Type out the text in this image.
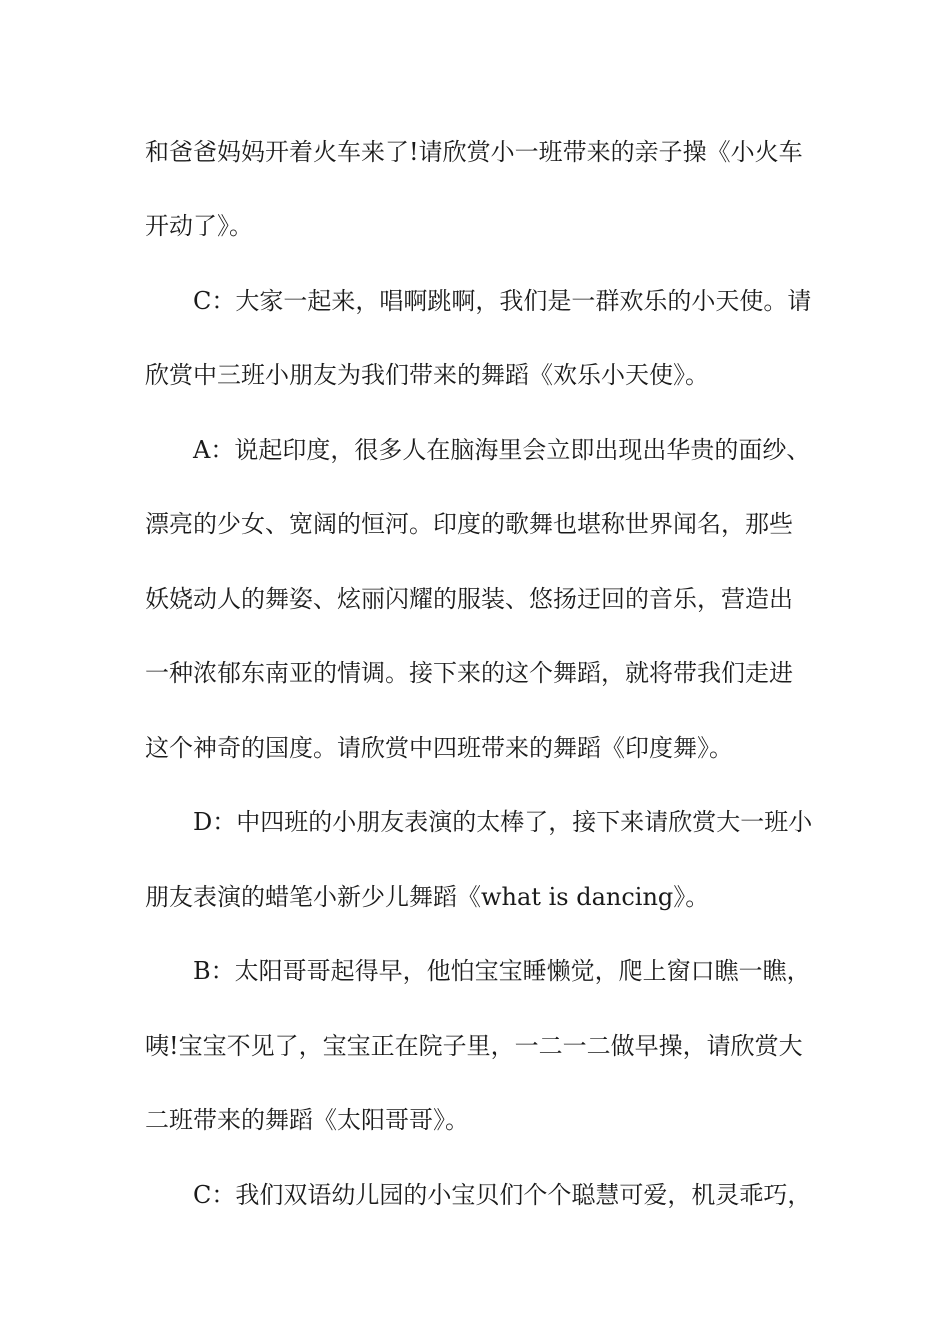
和爸爸妈妈开着火车来了!请欣赏小一班带来的亲子操《小火车
开动了》。
C：大家一起来，唱啊跳啊，我们是一群欢乐的小天使。请
欣赏中三班小朋友为我们带来的舞蹈《欢乐小天使》。
A：说起印度，很多人在脑海里会立即出现出华贵的面纱、
漂亮的少女、宽阔的恒河。印度的歌舞也堪称世界闻名，那些
妖娆动人的舞姿、炫丽闪耀的服装、悠扬迂回的音乐，营造出
一种浓郁东南亚的情调。接下来的这个舞蹈，就将带我们走进
这个神奇的国度。请欣赏中四班带来的舞蹈《印度舞》。
D：中四班的小朋友表演的太棒了，接下来请欣赏大一班小
朋友表演的蜡笔小新少儿舞蹈《what is dancing》。
B：太阳哥哥起得早，他怕宝宝睡懒觉，爬上窗口瞧一瞧，
咦!宝宝不见了，宝宝正在院子里，一二一二做早操，请欣赏大
二班带来的舞蹈《太阳哥哥》。
C：我们双语幼儿园的小宝贝们个个聪慧可爱，机灵乖巧，
